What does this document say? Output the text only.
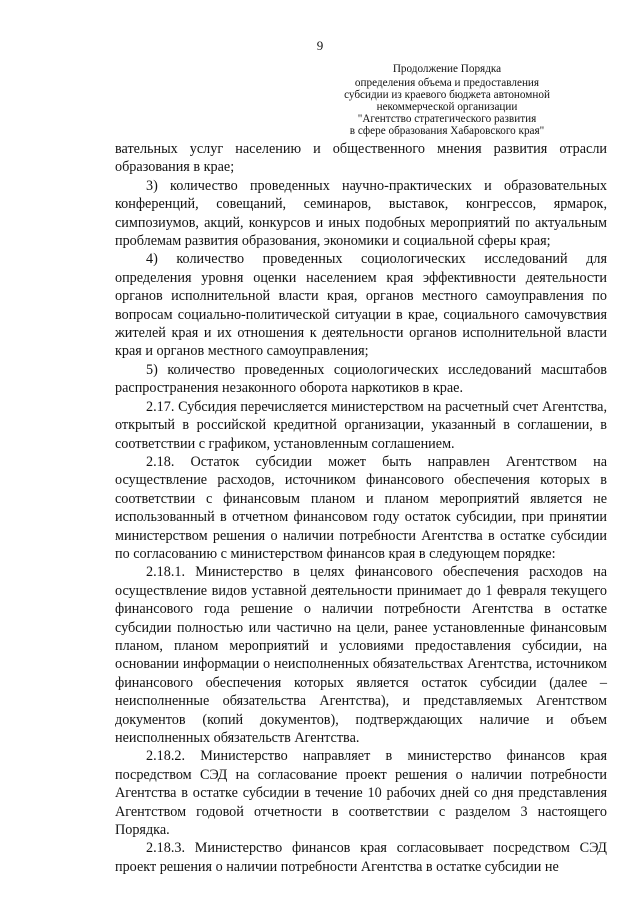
9
Продолжение Порядка
определения объема и предоставления
субсидии из краевого бюджета автономной
некоммерческой организации
"Агентство стратегического развития
в сфере образования Хабаровского края"

вательных услуг населению и общественного мнения развития отрасли образования в крае;

3) количество проведенных научно-практических и образовательных конференций, совещаний, семинаров, выставок, конгрессов, ярмарок, симпозиумов, акций, конкурсов и иных подобных мероприятий по актуальным проблемам развития образования, экономики и социальной сферы края;

4) количество проведенных социологических исследований для определения уровня оценки населением края эффективности деятельности органов исполнительной власти края, органов местного самоуправления по вопросам социально-политической ситуации в крае, социального самочувствия жителей края и их отношения к деятельности органов исполнительной власти края и органов местного самоуправления;

5) количество проведенных социологических исследований масштабов распространения незаконного оборота наркотиков в крае.

2.17. Субсидия перечисляется министерством на расчетный счет Агентства, открытый в российской кредитной организации, указанный в соглашении, в соответствии с графиком, установленным соглашением.

2.18. Остаток субсидии может быть направлен Агентством на осуществление расходов, источником финансового обеспечения которых в соответствии с финансовым планом и планом мероприятий является не использованный в отчетном финансовом году остаток субсидии, при принятии министерством решения о наличии потребности Агентства в остатке субсидии по согласованию с министерством финансов края в следующем порядке:

2.18.1. Министерство в целях финансового обеспечения расходов на осуществление видов уставной деятельности принимает до 1 февраля текущего финансового года решение о наличии потребности Агентства в остатке субсидии полностью или частично на цели, ранее установленные финансовым планом, планом мероприятий и условиями предоставления субсидии, на основании информации о неисполненных обязательствах Агентства, источником финансового обеспечения которых является остаток субсидии (далее – неисполненные обязательства Агентства), и представляемых Агентством документов (копий документов), подтверждающих наличие и объем неисполненных обязательств Агентства.

2.18.2. Министерство направляет в министерство финансов края посредством СЭД на согласование проект решения о наличии потребности Агентства в остатке субсидии в течение 10 рабочих дней со дня представления Агентством годовой отчетности в соответствии с разделом 3 настоящего Порядка.

2.18.3. Министерство финансов края согласовывает посредством СЭД проект решения о наличии потребности Агентства в остатке субсидии не
